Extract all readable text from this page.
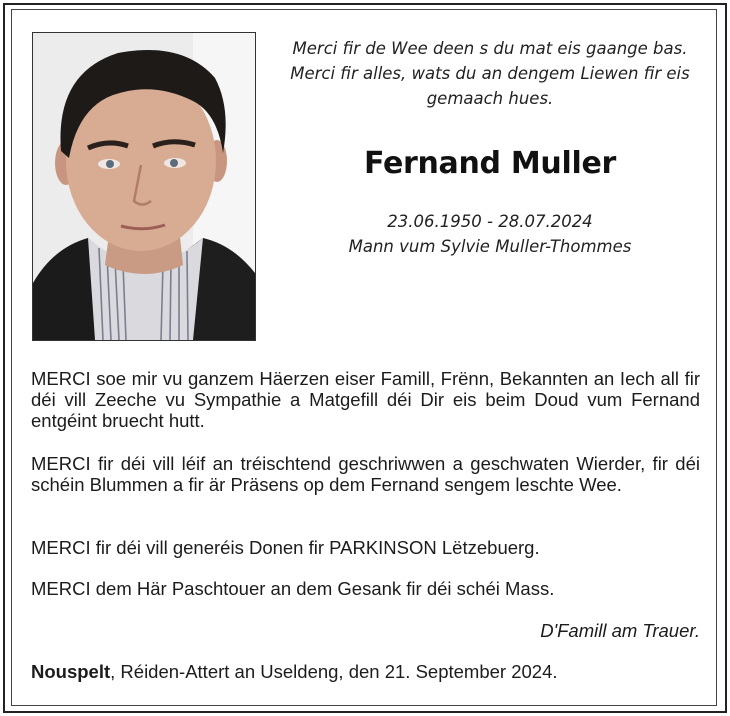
Merci fir de Wee deen s du mat eis gaange bas.
Merci fir alles, wats du an dengem Liewen fir eis
gemaach hues.
Fernand Muller
23.06.1950 - 28.07.2024
Mann vum Sylvie Muller-Thommes
MERCI soe mir vu ganzem Häerzen eiser Famill, Frënn, Bekannten an Iech all fir déi vill Zeeche vu Sympathie a Matgefill déi Dir eis beim Doud vum Fernand entgéint bruecht hutt.
MERCI fir déi vill léif an tréischtend geschriwwen a geschwaten Wierder, fir déi schéin Blummen a fir är Präsens op dem Fernand sengem leschte Wee.
MERCI fir déi vill generéis Donen fir PARKINSON Lëtzebuerg.
MERCI dem Här Paschtouer an dem Gesank fir déi schéi Mass.
D'Famill am Trauer.
Nouspelt, Réiden-Attert an Useldeng, den 21. September 2024.
